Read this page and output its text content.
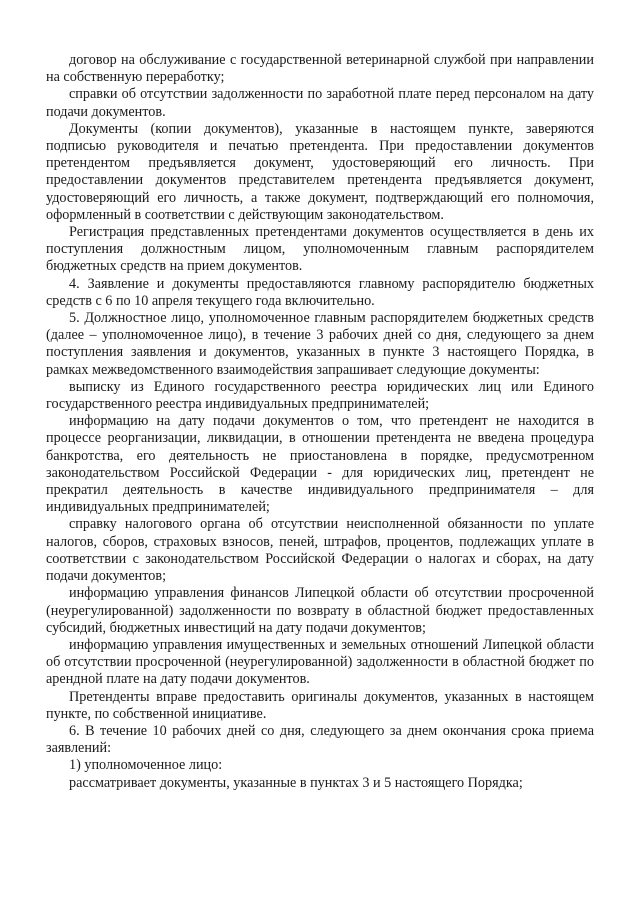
договор на обслуживание с государственной ветеринарной службой при направлении на собственную переработку;

справки об отсутствии задолженности по заработной плате перед персоналом на дату подачи документов.

Документы (копии документов), указанные в настоящем пункте, заверяются подписью руководителя и печатью претендента. При предоставлении документов претендентом предъявляется документ, удостоверяющий его личность. При предоставлении документов представителем претендента предъявляется документ, удостоверяющий его личность, а также документ, подтверждающий его полномочия, оформленный в соответствии с действующим законодательством.

Регистрация представленных претендентами документов осуществляется в день их поступления должностным лицом, уполномоченным главным распорядителем бюджетных средств на прием документов.

4. Заявление и документы предоставляются главному распорядителю бюджетных средств с 6 по 10 апреля текущего года включительно.

5. Должностное лицо, уполномоченное главным распорядителем бюджетных средств (далее – уполномоченное лицо), в течение 3 рабочих дней со дня, следующего за днем поступления заявления и документов, указанных в пункте 3 настоящего Порядка, в рамках межведомственного взаимодействия запрашивает следующие документы:

выписку из Единого государственного реестра юридических лиц или Единого государственного реестра индивидуальных предпринимателей;

информацию на дату подачи документов о том, что претендент не находится в процессе реорганизации, ликвидации, в отношении претендента не введена процедура банкротства, его деятельность не приостановлена в порядке, предусмотренном законодательством Российской Федерации - для юридических лиц, претендент не прекратил деятельность в качестве индивидуального предпринимателя – для индивидуальных предпринимателей;

справку налогового органа об отсутствии неисполненной обязанности по уплате налогов, сборов, страховых взносов, пеней, штрафов, процентов, подлежащих уплате в соответствии с законодательством Российской Федерации о налогах и сборах, на дату подачи документов;

информацию управления финансов Липецкой области об отсутствии просроченной (неурегулированной) задолженности по возврату в областной бюджет предоставленных субсидий, бюджетных инвестиций на дату подачи документов;

информацию управления имущественных и земельных отношений Липецкой области об отсутствии просроченной (неурегулированной) задолженности в областной бюджет по арендной плате на дату подачи документов.

Претенденты вправе предоставить оригиналы документов, указанных в настоящем пункте, по собственной инициативе.

6. В течение 10 рабочих дней со дня, следующего за днем окончания срока приема заявлений:

1) уполномоченное лицо:

рассматривает документы, указанные в пунктах 3 и 5 настоящего Порядка;
